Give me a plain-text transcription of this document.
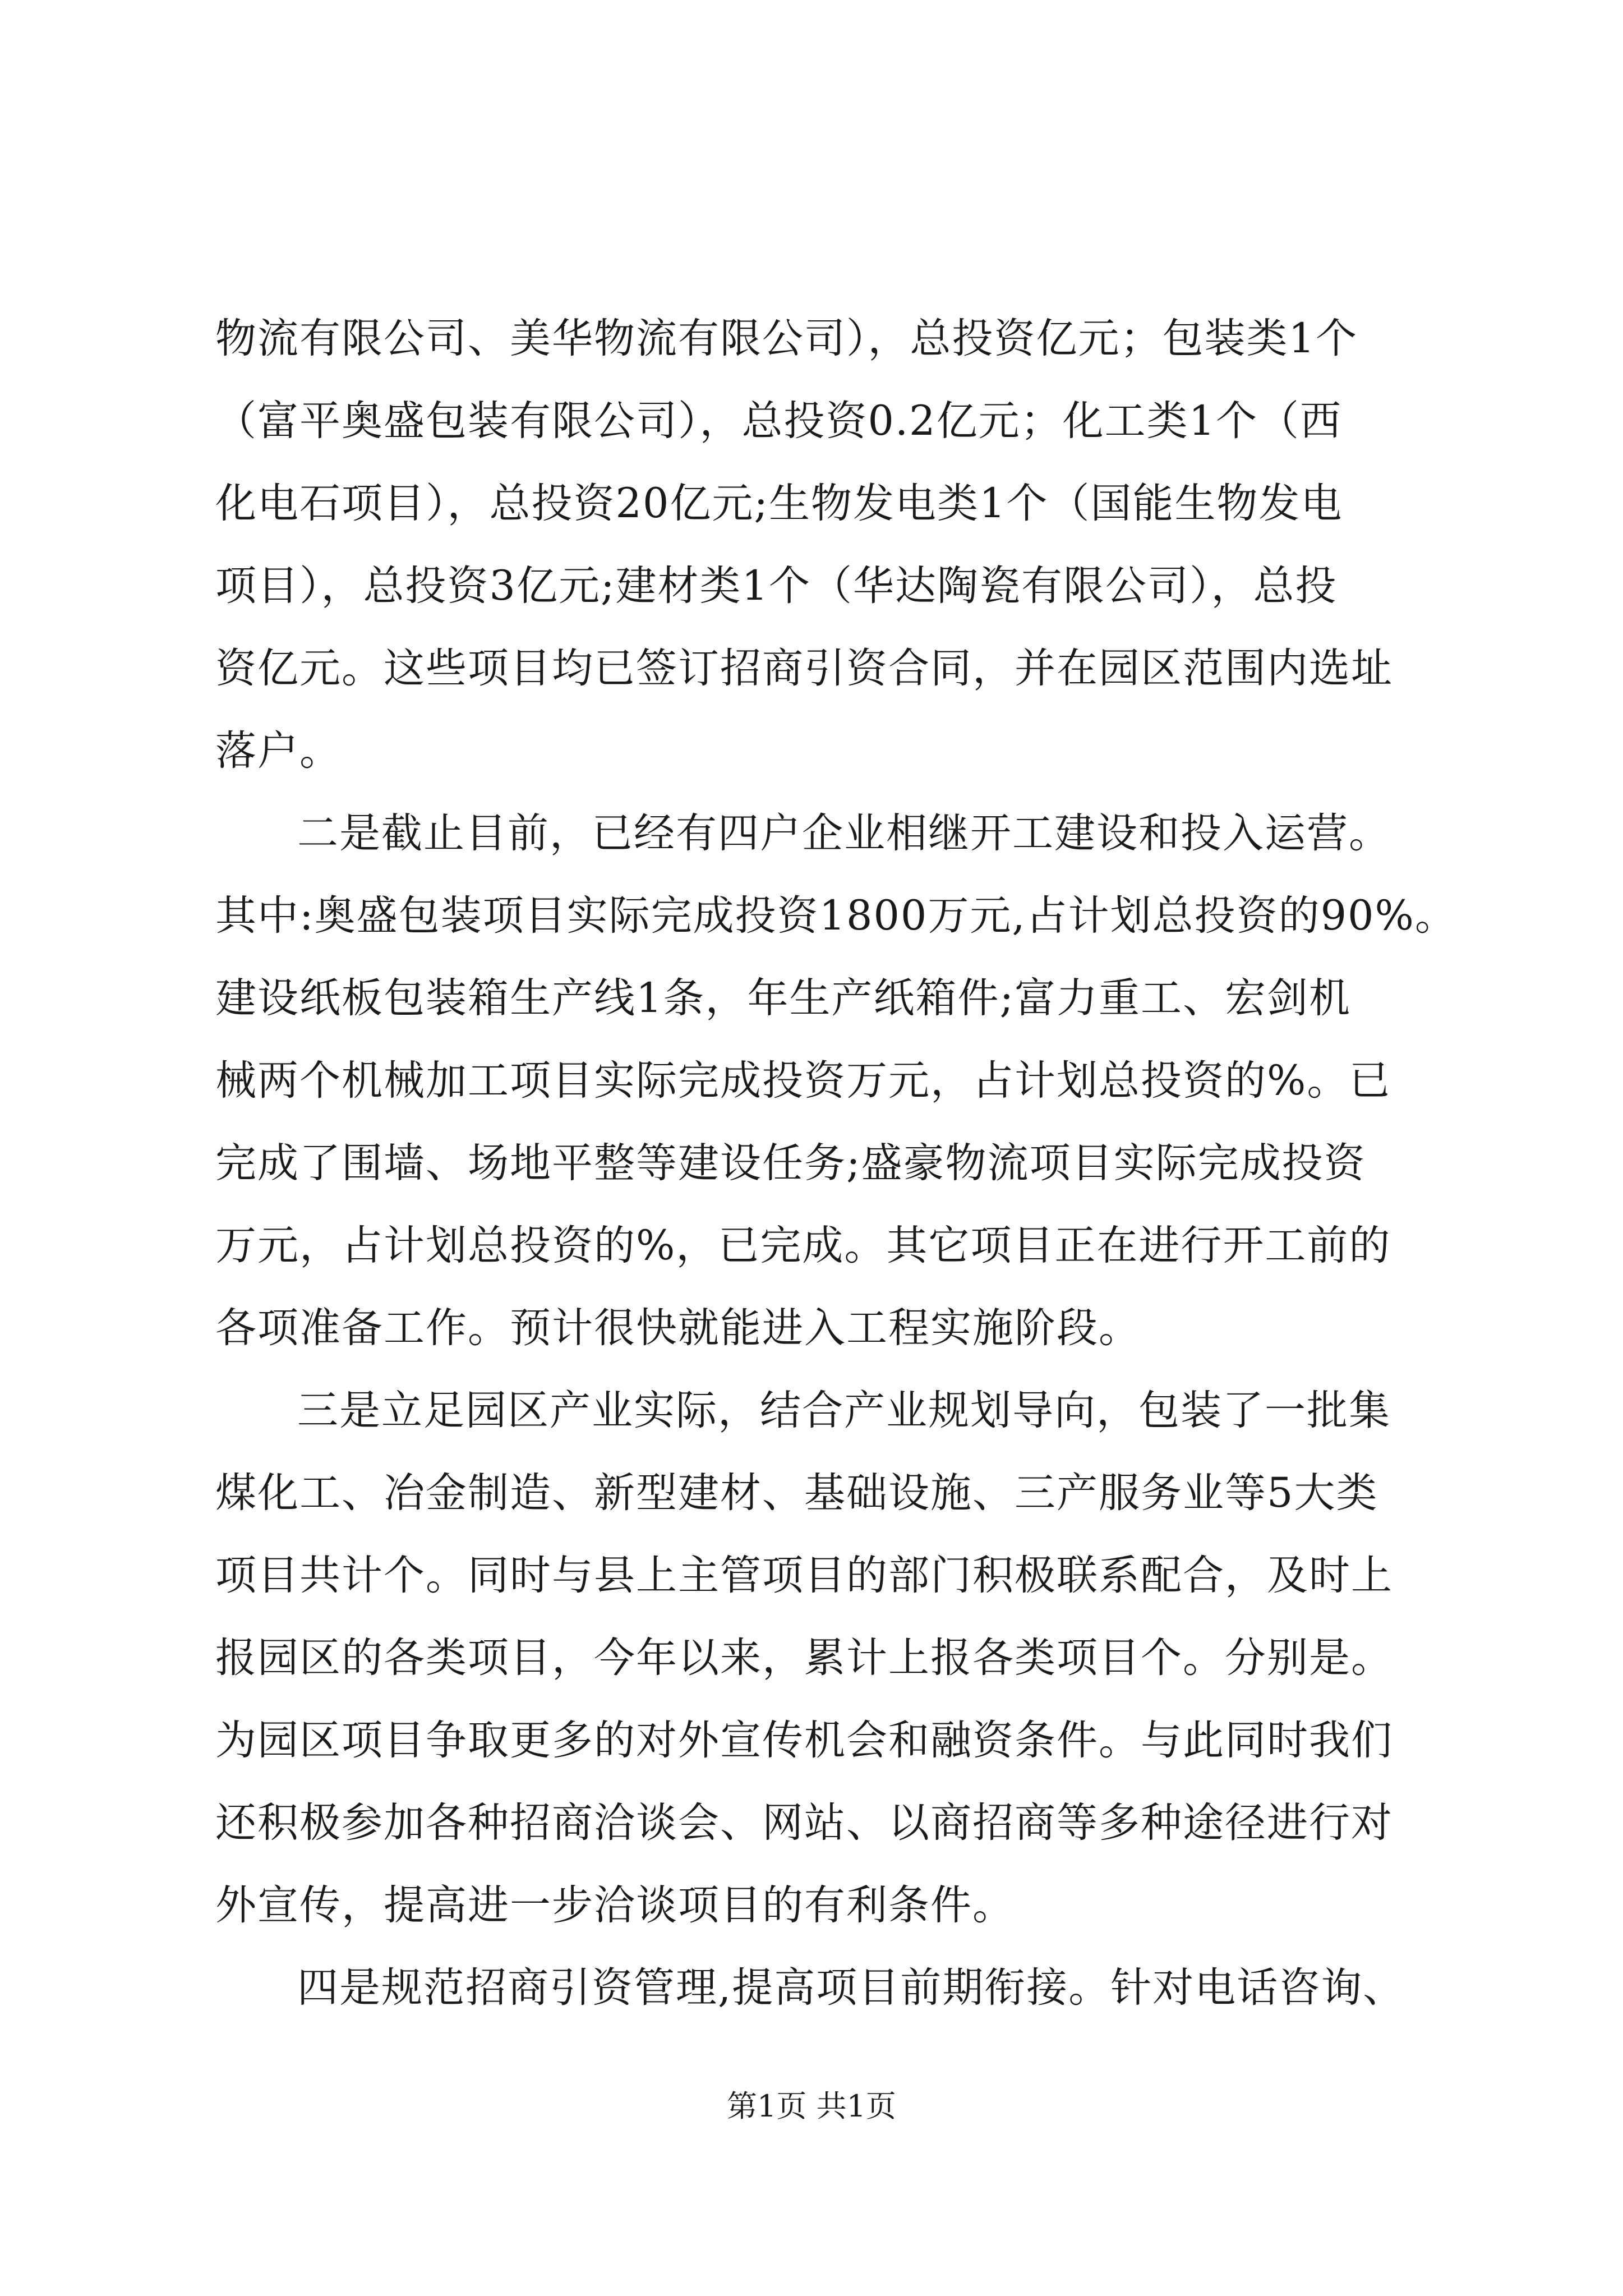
物流有限公司、美华物流有限公司），总投资亿元；包装类1个
（富平奥盛包装有限公司），总投资0.2亿元；化工类1个（西
化电石项目），总投资20亿元;生物发电类1个（国能生物发电
项目），总投资3亿元;建材类1个（华达陶瓷有限公司），总投
资亿元。这些项目均已签订招商引资合同，并在园区范围内选址
落户。
二是截止目前，已经有四户企业相继开工建设和投入运营。
其中:奥盛包装项目实际完成投资1800万元,占计划总投资的90%。
建设纸板包装箱生产线1条，年生产纸箱件;富力重工、宏剑机
械两个机械加工项目实际完成投资万元，占计划总投资的%。已
完成了围墙、场地平整等建设任务;盛豪物流项目实际完成投资
万元，占计划总投资的%，已完成。其它项目正在进行开工前的
各项准备工作。预计很快就能进入工程实施阶段。
三是立足园区产业实际，结合产业规划导向，包装了一批集
煤化工、冶金制造、新型建材、基础设施、三产服务业等5大类
项目共计个。同时与县上主管项目的部门积极联系配合，及时上
报园区的各类项目，今年以来，累计上报各类项目个。分别是。
为园区项目争取更多的对外宣传机会和融资条件。与此同时我们
还积极参加各种招商洽谈会、网站、以商招商等多种途径进行对
外宣传，提高进一步洽谈项目的有利条件。
四是规范招商引资管理,提高项目前期衔接。针对电话咨询、
第1页 共1页
